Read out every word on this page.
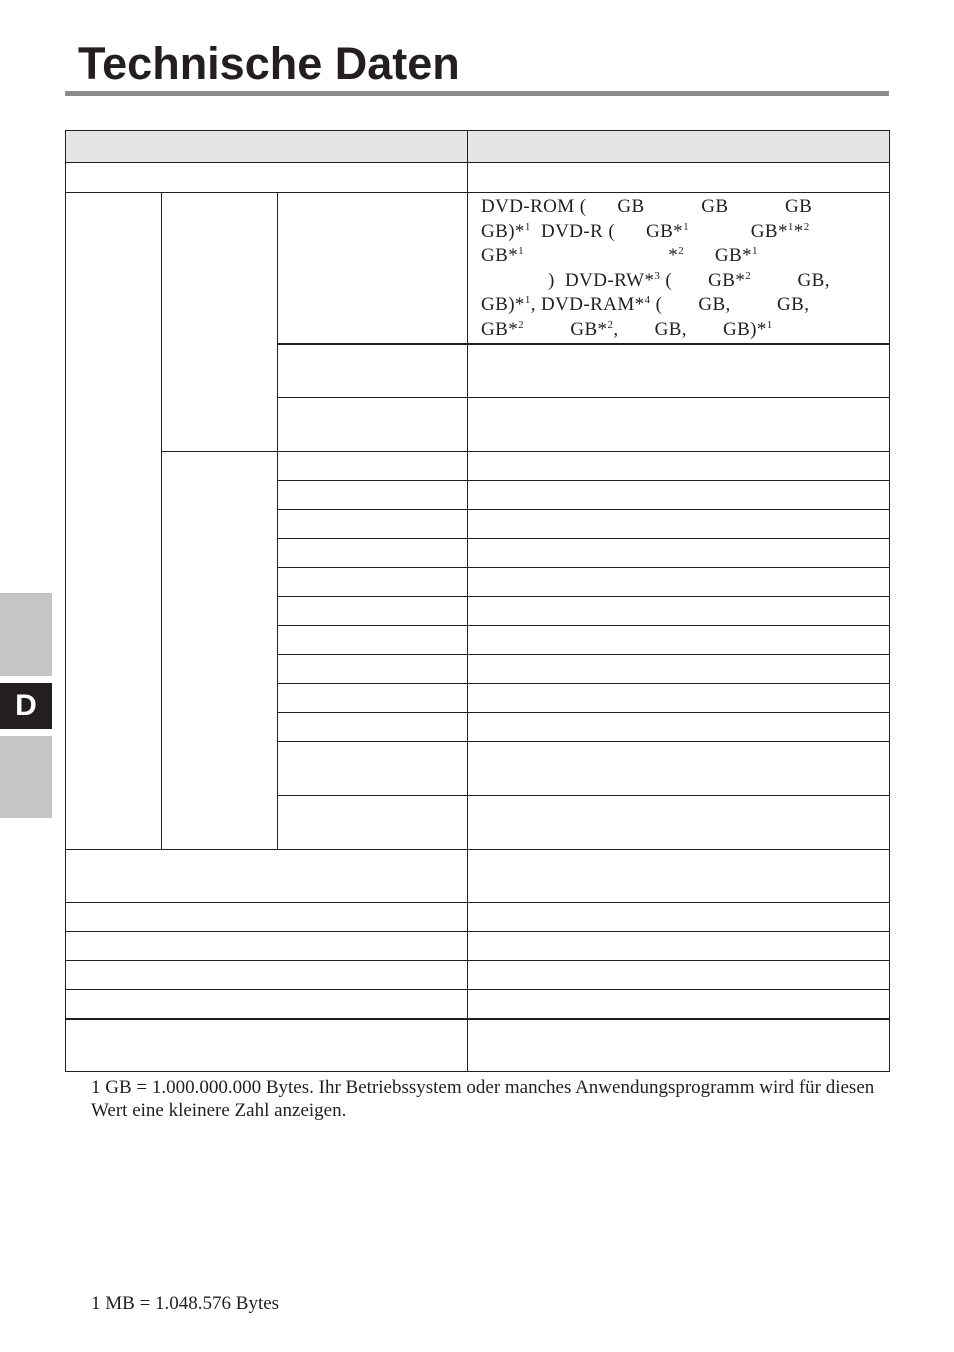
Technische Daten
D
DVD-ROM (      GB           GB           GB
GB)*$^1$  DVD-R (      GB*$^1$            GB*$^1$*$^2$
GB*$^1$                            *$^2$      GB*$^1$
)  DVD-RW*$^3$ (       GB*$^2$         GB,
GB)*$^1$, DVD-RAM*$^4$ (       GB,         GB,
GB*$^2$         GB*$^2$,       GB,       GB)*$^1$

1 GB = 1.000.000.000 Bytes. Ihr Betriebssystem oder manches Anwendungsprogramm wird für diesen Wert eine kleinere Zahl anzeigen.

1 MB = 1.048.576 Bytes
